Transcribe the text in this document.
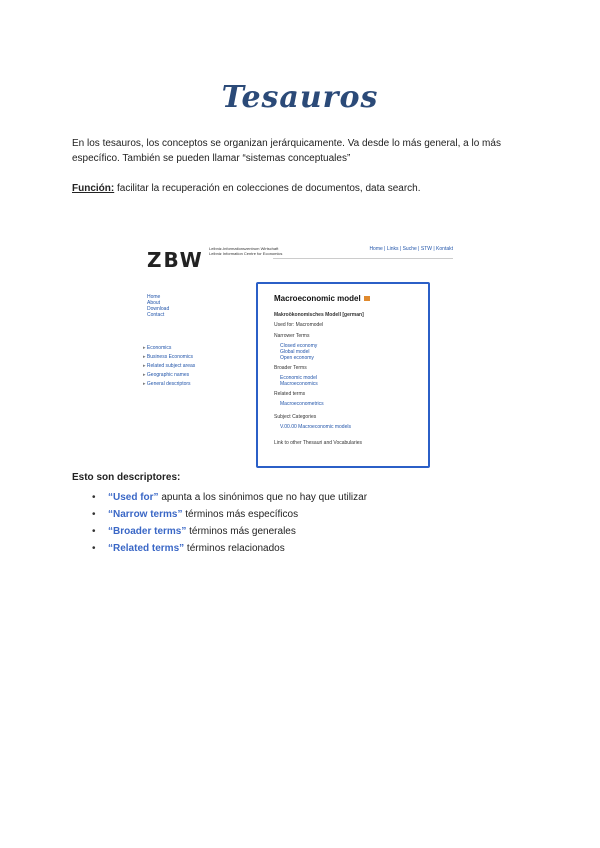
Tesauros
En los tesauros, los conceptos se organizan jerárquicamente. Va desde lo más general, a lo más específico. También se pueden llamar “sistemas conceptuales”
Función: facilitar la recuperación en colecciones de documentos, data search.
ZBW Leibniz-Informationszentrum Wirtschaft Leibniz Information Centre for Economics
Home | Links | Suche | STW | Kontakt
Home
About
Download
Contact
▸ Economics
▸ Business Economics
▸ Related subject areas
▸ Geographic names
▸ General descriptors
Macroeconomic model
Makroökonomisches Modell [german]
Used for: Macromodel
Narrower Terms
Closed economy
Global model
Open economy
Broader Terms
Economic model
Macroeconomics
Related terms
Macroeconometrics
Subject Categories
V.00.00 Macroeconomic models
Link to other Thesauri and Vocabularies
Esto son descriptores:
• “Used for” apunta a los sinónimos que no hay que utilizar
• “Narrow terms” términos más específicos
• “Broader terms” términos más generales
• “Related terms” términos relacionados
